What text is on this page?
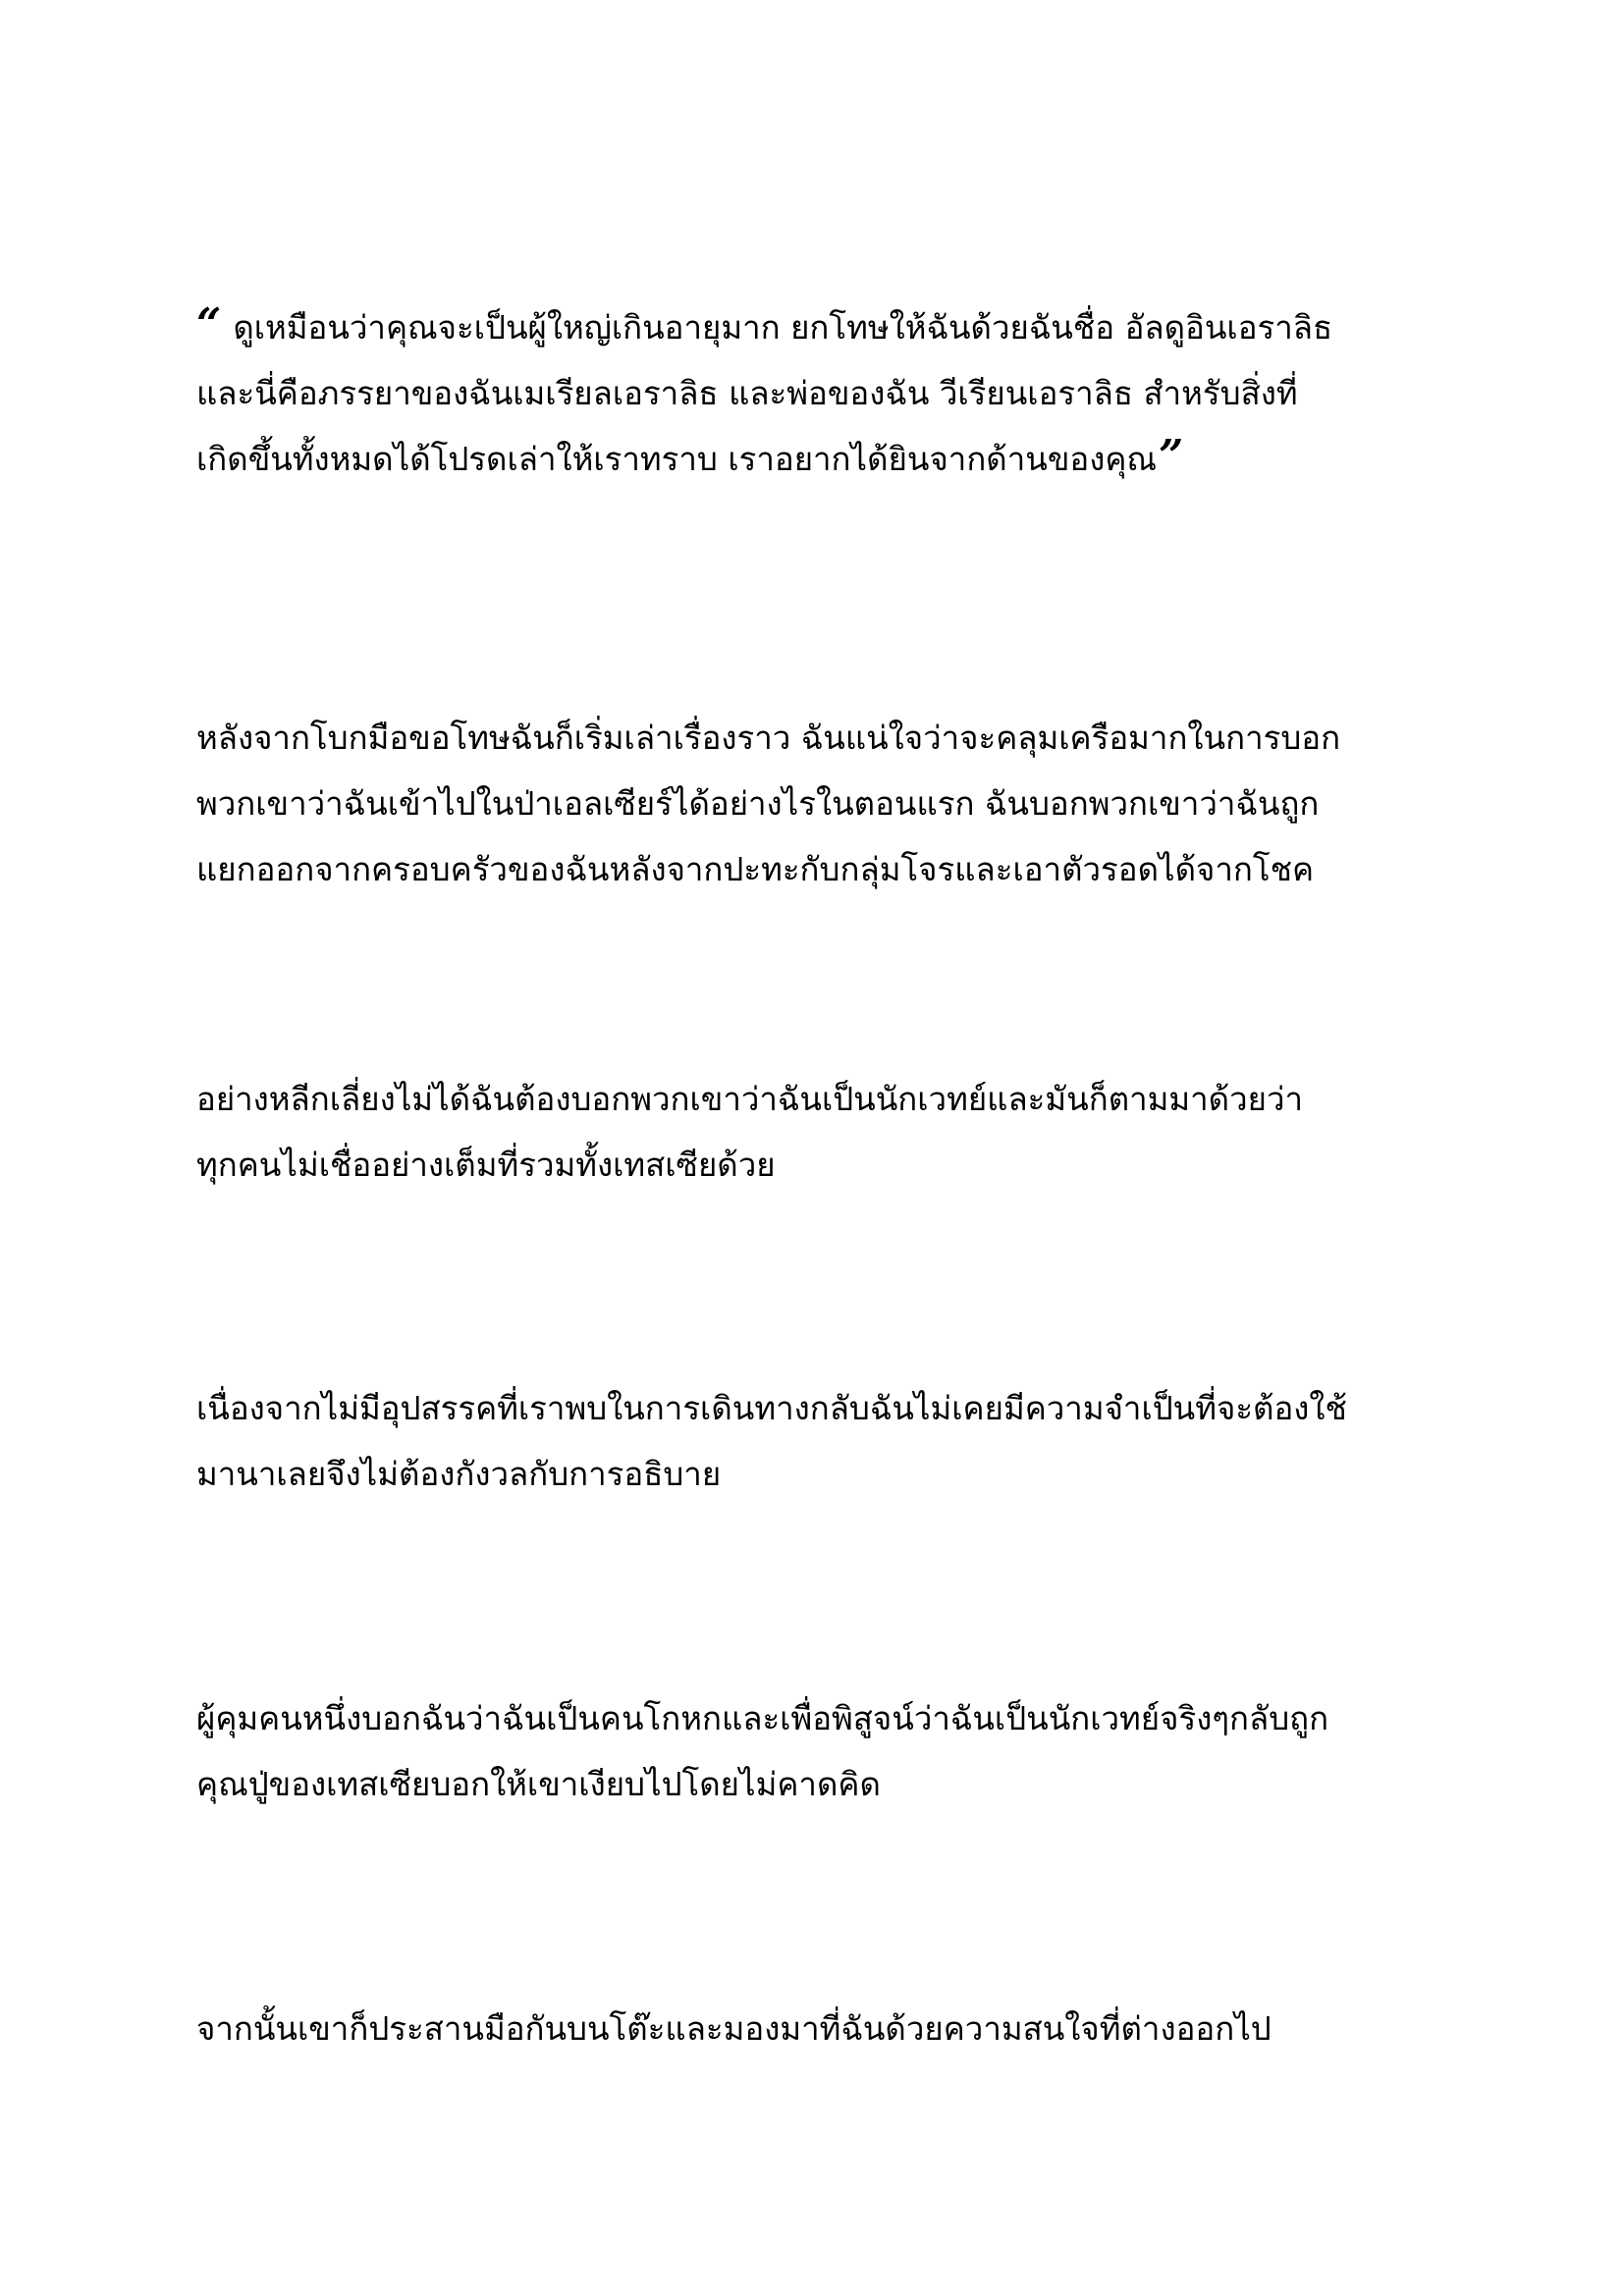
“ ดูเหมือนว่าคุณจะเป็นผู้ใหญ่เกินอายุมาก ยกโทษให้ฉันด้วยฉันชื่อ อัลดูอินเอราลิธ
และนี่คือภรรยาของฉันเมเรียลเอราลิธ และพ่อของฉัน วีเรียนเอราลิธ สำหรับสิ่งที่
เกิดขึ้นทั้งหมดได้โปรดเล่าให้เราทราบ เราอยากได้ยินจากด้านของคุณ”

หลังจากโบกมือขอโทษฉันก็เริ่มเล่าเรื่องราว ฉันแน่ใจว่าจะคลุมเครือมากในการบอก
พวกเขาว่าฉันเข้าไปในป่าเอลเซียร์ได้อย่างไรในตอนแรก ฉันบอกพวกเขาว่าฉันถูก
แยกออกจากครอบครัวของฉันหลังจากปะทะกับกลุ่มโจรและเอาตัวรอดได้จากโชค

อย่างหลีกเลี่ยงไม่ได้ฉันต้องบอกพวกเขาว่าฉันเป็นนักเวทย์และมันก็ตามมาด้วยว่า
ทุกคนไม่เชื่ออย่างเต็มที่รวมทั้งเทสเซียด้วย

เนื่องจากไม่มีอุปสรรคที่เราพบในการเดินทางกลับฉันไม่เคยมีความจำเป็นที่จะต้องใช้
มานาเลยจึงไม่ต้องกังวลกับการอธิบาย

ผู้คุมคนหนึ่งบอกฉันว่าฉันเป็นคนโกหกและเพื่อพิสูจน์ว่าฉันเป็นนักเวทย์จริงๆกลับถูก
คุณปู่ของเทสเซียบอกให้เขาเงียบไปโดยไม่คาดคิด

จากนั้นเขาก็ประสานมือกันบนโต๊ะและมองมาที่ฉันด้วยความสนใจที่ต่างออกไป
